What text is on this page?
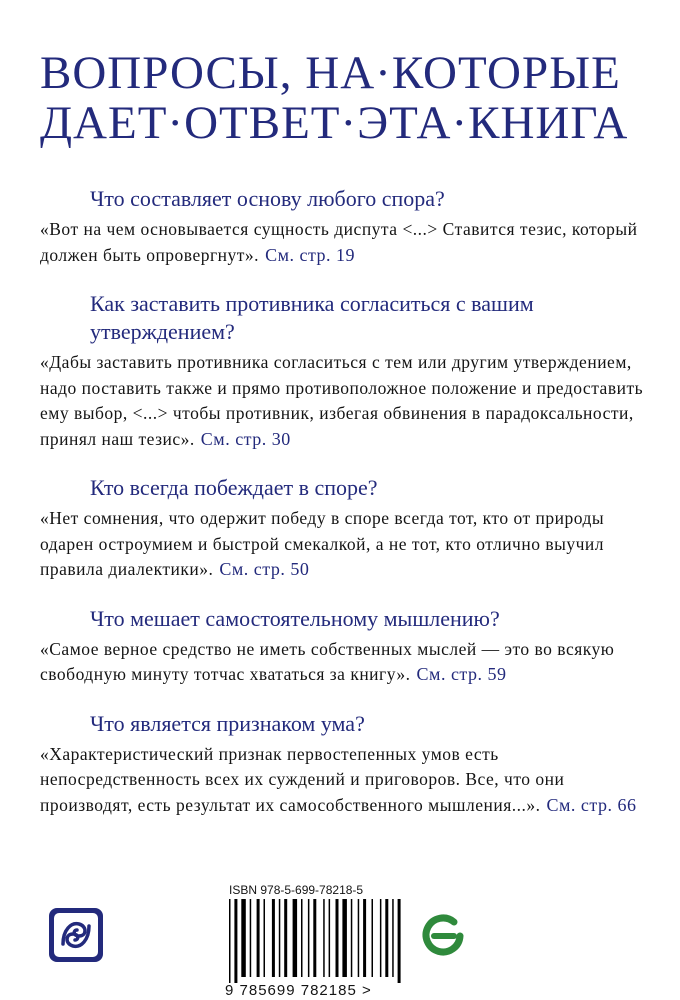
ВОПРОСЫ, НА·КОТОРЫЕ
ДАЕТ·ОТВЕТ·ЭТА·КНИГА

Что составляет основу любого спора?

«Вот на чем основывается сущность диспута <...> Ставится тезис, который должен быть опровергнут». См. стр. 19

Как заставить противника согласиться с вашим утверждением?

«Дабы заставить противника согласиться с тем или другим утверждением, надо поставить также и прямо противоположное положение и предоставить ему выбор, <...> чтобы противник, избегая обвинения в парадоксальности, принял наш тезис». См. стр. 30

Кто всегда побеждает в споре?

«Нет сомнения, что одержит победу в споре всегда тот, кто от природы одарен остроумием и быстрой смекалкой, а не тот, кто отлично выучил правила диалектики». См. стр. 50

Что мешает самостоятельному мышлению?

«Самое верное средство не иметь собственных мыслей — это во всякую свободную минуту тотчас хвататься за книгу». См. стр. 59

Что является признаком ума?

«Характеристический признак первостепенных умов есть непосредственность всех их суждений и приговоров. Все, что они производят, есть результат их самособственного мышления...». См. стр. 66

ISBN 978-5-699-78218-5
9 785699 782185 >
